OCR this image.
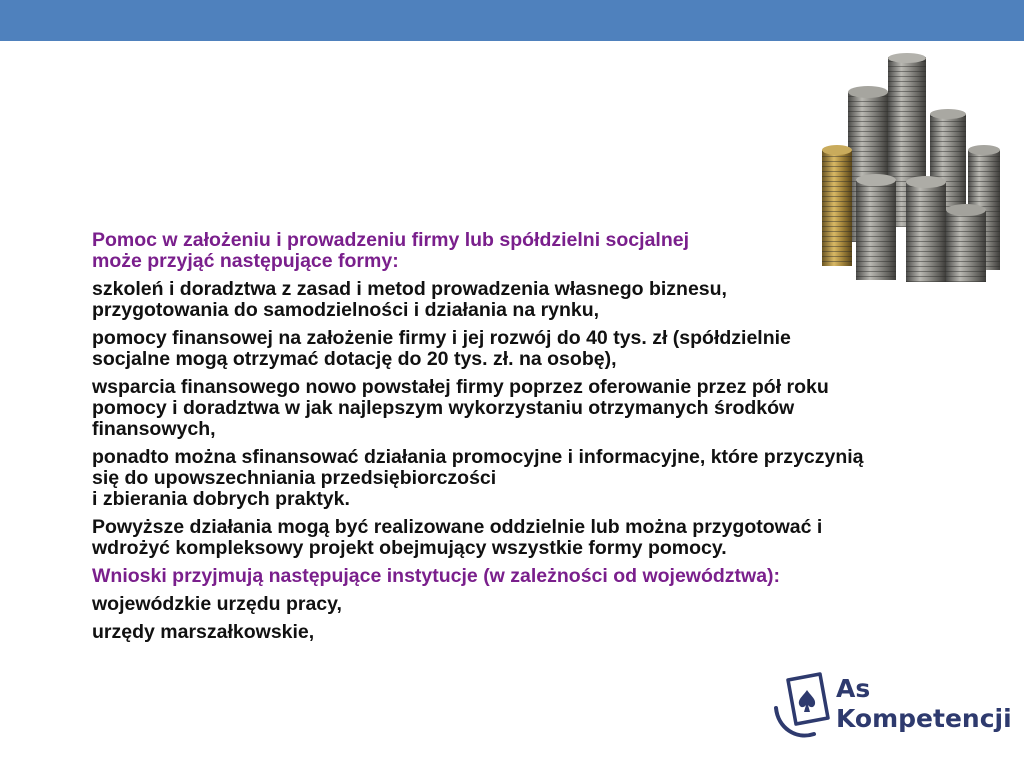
Pomoc w założeniu i prowadzeniu firmy lub spółdzielni socjalnej
może przyjąć następujące formy:

szkoleń i doradztwa z zasad i metod prowadzenia własnego biznesu,
przygotowania do samodzielności i działania na rynku,

pomocy finansowej na założenie firmy i jej rozwój do 40 tys. zł (spółdzielnie
socjalne mogą otrzymać dotację do 20 tys. zł. na osobę),

wsparcia finansowego nowo powstałej firmy poprzez oferowanie przez pół roku
pomocy i doradztwa w jak najlepszym wykorzystaniu otrzymanych środków
finansowych,

ponadto można sfinansować działania promocyjne i informacyjne, które przyczynią
się do upowszechniania przedsiębiorczości
i zbierania dobrych praktyk.

Powyższe działania mogą być realizowane oddzielnie lub można przygotować i
wdrożyć kompleksowy projekt obejmujący wszystkie formy pomocy.

Wnioski przyjmują następujące instytucje (w zależności od województwa):

wojewódzkie urzędu pracy,

urzędy marszałkowskie,

As
Kompetencji
